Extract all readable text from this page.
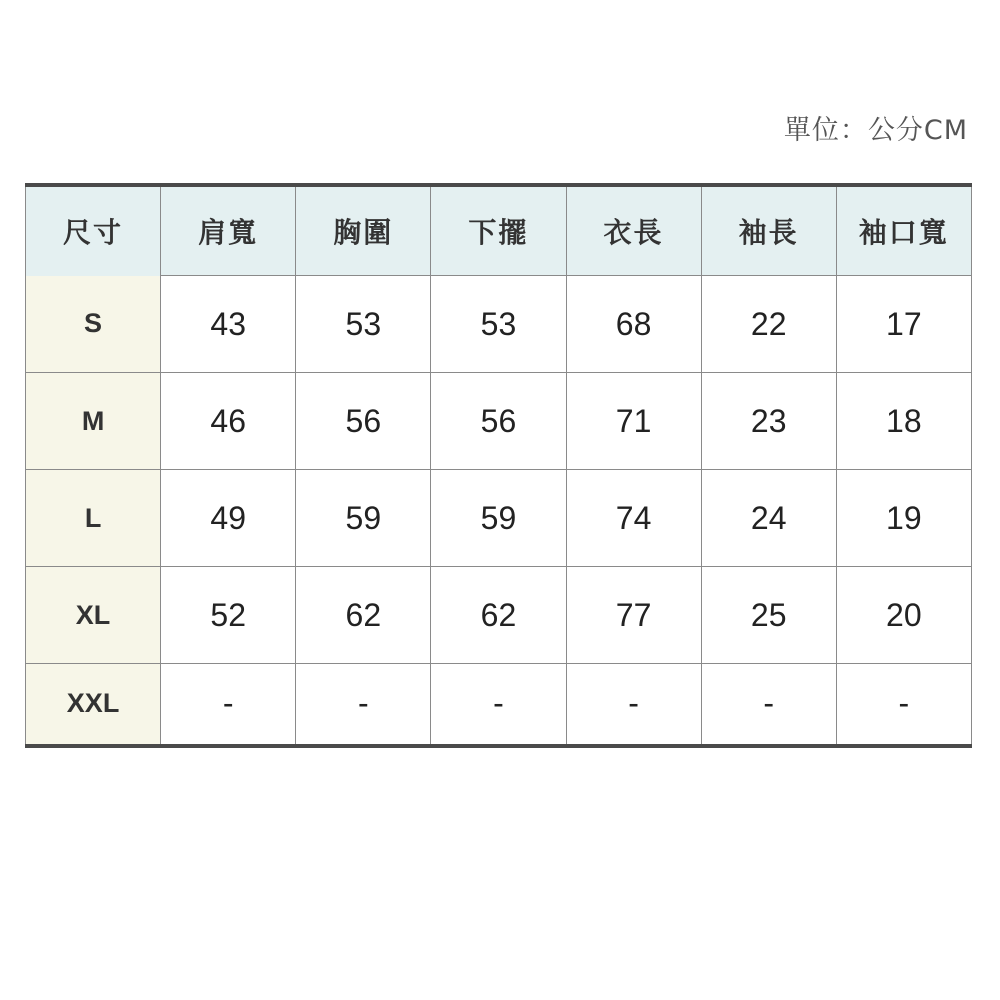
單位：公分CM
尺寸	肩寬	胸圍	下擺	衣長	袖長	袖口寬
S	43	53	53	68	22	17
M	46	56	56	71	23	18
L	49	59	59	74	24	19
XL	52	62	62	77	25	20
XXL	-	-	-	-	-	-
